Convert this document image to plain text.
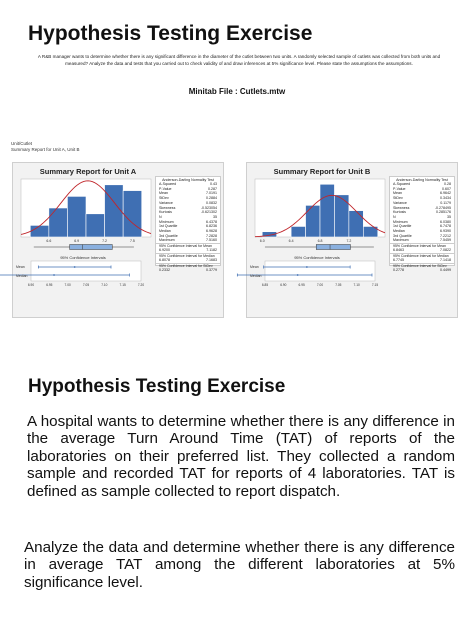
Hypothesis Testing Exercise
A R&B manager wants to determine whether there is any significant difference in the diameter of the cutlet between two units. A randomly selected sample of cutlets was collected from both units and measured? Analyze the data and tests that you carried out to check validity of and draw inferences at 5% significance level. Please state the assumptions the assumptions.
Minitab File : Cutlets.mtw
Unit/Cutlet
Summary Report for Unit A, Unit B
6.6	6.9	7.2	7.5
6.90	6.95	7.00	7.05	7.10	7.15	7.20
Summary Report for Unit A
Anderson-Darling Normality Test
A-Squared	0.43
P-Value	0.287
Mean	7.0191
StDev	0.2884
Variance	0.0832
Skewness	-0.523054
Kurtosis	-0.621302
N	35
Minimum	6.4378
1st Quartile	6.8236
Median	6.9628
3rd Quartile	7.2828
Maximum	7.5160
95% Confidence Interval for Mean
6.9200	7.1182
95% Confidence Interval for Median
6.8078	7.1683
95% Confidence Interval for StDev
0.2332	0.3779
95% Confidence Intervals
Mean
Median
6.0	6.4	6.8	7.2
6.85	6.90	6.95	7.00	7.05	7.10	7.15
Summary Report for Unit B
Anderson-Darling Normality Test
A-Squared	0.28
P-Value	0.607
Mean	6.9642
StDev	0.3434
Variance	0.1179
Skewness	-0.278495
Kurtosis	0.285176
N	35
Minimum	6.0380
1st Quartile	6.7478
Median	6.9390
3rd Quartile	7.2212
Maximum	7.5459
95% Confidence Interval for Mean
6.8463	7.0822
95% Confidence Interval for Median
6.7745	7.1418
95% Confidence Interval for StDev
0.2778	0.4499
95% Confidence Intervals
Mean
Median
Hypothesis Testing Exercise

A hospital wants to determine whether there is any difference in the average Turn Around Time (TAT) of reports of the laboratories on their preferred list. They collected a random sample and recorded TAT for reports of 4 laboratories. TAT is defined as sample collected to report dispatch.

Analyze the data and determine whether there is any difference in average TAT among the different laboratories at 5% significance level.
